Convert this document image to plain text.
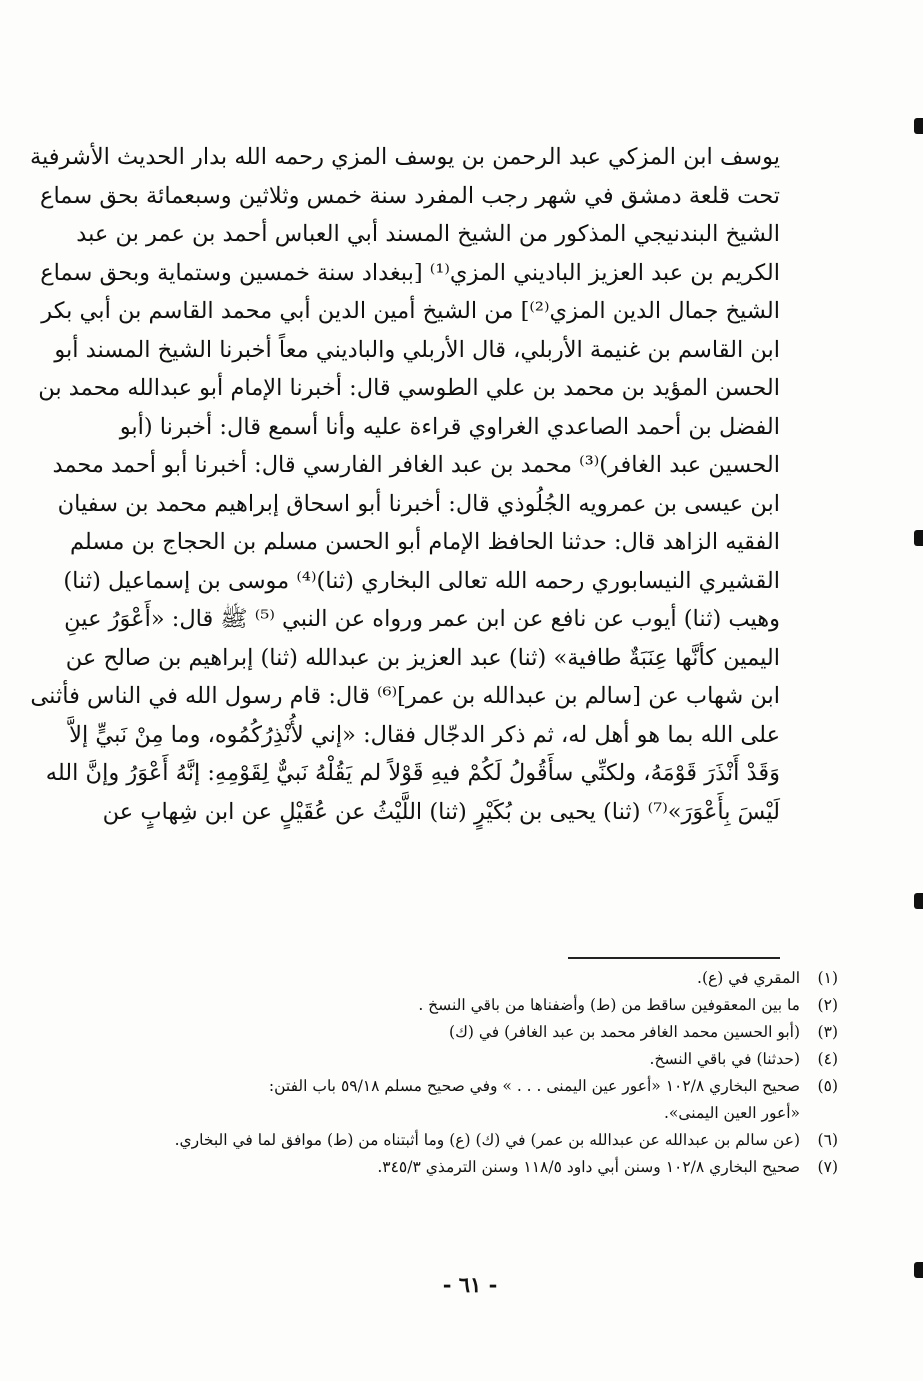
يوسف ابن المزكي عبد الرحمن بن يوسف المزي رحمه الله بدار الحديث الأشرفية
تحت قلعة دمشق في شهر رجب المفرد سنة خمس وثلاثين وسبعمائة بحق سماع
الشيخ البندنيجي المذكور من الشيخ المسند أبي العباس أحمد بن عمر بن عبد
الكريم بن عبد العزيز الباديني المزي⁽¹⁾ [ببغداد سنة خمسين وستماية وبحق سماع
الشيخ جمال الدين المزي⁽²⁾] من الشيخ أمين الدين أبي محمد القاسم بن أبي بكر
ابن القاسم بن غنيمة الأربلي، قال الأربلي والباديني معاً أخبرنا الشيخ المسند أبو
الحسن المؤيد بن محمد بن علي الطوسي قال: أخبرنا الإمام أبو عبدالله محمد بن
الفضل بن أحمد الصاعدي الغراوي قراءة عليه وأنا أسمع قال: أخبرنا (أبو
الحسين عبد الغافر)⁽³⁾ محمد بن عبد الغافر الفارسي قال: أخبرنا أبو أحمد محمد
ابن عيسى بن عمرويه الجُلُوذي قال: أخبرنا أبو اسحاق إبراهيم محمد بن سفيان
الفقيه الزاهد قال: حدثنا الحافظ الإمام أبو الحسن مسلم بن الحجاج بن مسلم
القشيري النيسابوري رحمه الله تعالى البخاري (ثنا)⁽⁴⁾ موسى بن إسماعيل (ثنا)
وهيب (ثنا) أيوب عن نافع عن ابن عمر ورواه عن النبي ⁽⁵⁾ ﷺ قال: «أَعْوَرُ عينِ
اليمين كأنَّها عِنَبَةٌ طافية» (ثنا) عبد العزيز بن عبدالله (ثنا) إبراهيم بن صالح عن
ابن شهاب عن [سالم بن عبدالله بن عمر]⁽⁶⁾ قال: قام رسول الله في الناس فأثنى
على الله بما هو أهل له، ثم ذكر الدجّال فقال: «إني لأُنْذِرُكُمُوه، وما مِنْ نَبيٍّ إلاَّ
وَقَدْ أَنْذَرَ قَوْمَهُ، ولكنِّي سأَقُولُ لَكُمْ فيهِ قَوْلاً لم يَقُلْهُ نَبيٌّ لِقَوْمِهِ: إنَّهُ أَعْوَرُ وإنَّ الله
لَيْسَ بِأَعْوَرَ»⁽⁷⁾ (ثنا) يحيى بن بُكَيْرٍ (ثنا) اللَّيْثُ عن عُقَيْلٍ عن ابن شِهابٍ عن
(١)
المقري في (ع).
(٢)
ما بين المعقوفين ساقط من (ط) وأضفناها من باقي النسخ .
(٣)
(أبو الحسين محمد الغافر محمد بن عبد الغافر) في (ك)
(٤)
(حدثنا) في باقي النسخ.
(٥)
صحيح البخاري ١٠٢/٨ «أعور عين اليمنى . . . » وفي صحيح مسلم ٥٩/١٨ باب الفتن:
«أعور العين اليمنى».
(٦)
(عن سالم بن عبدالله عن عبدالله بن عمر) في (ك) (ع) وما أثبتناه من (ط) موافق لما في البخاري.
(٧)
صحيح البخاري ١٠٢/٨ وسنن أبي داود ١١٨/٥ وسنن الترمذي ٣٤٥/٣.
- ٦١ -
